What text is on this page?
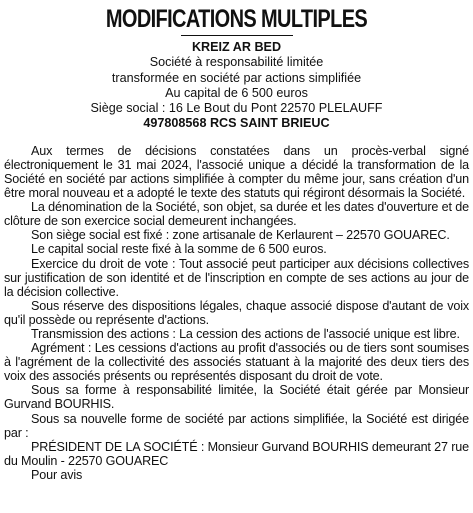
MODIFICATIONS MULTIPLES
KREIZ AR BED
Société à responsabilité limitée
transformée en société par actions simplifiée
Au capital de 6 500 euros
Siège social : 16 Le Bout du Pont 22570 PLELAUFF
497808568 RCS SAINT BRIEUC

Aux termes de décisions constatées dans un procès-verbal signé électroniquement le 31 mai 2024, l'associé unique a décidé la transformation de la Société en société par actions simplifiée à compter du même jour, sans création d'un être moral nouveau et a adopté le texte des statuts qui régiront désormais la Société.

La dénomination de la Société, son objet, sa durée et les dates d'ouverture et de clôture de son exercice social demeurent inchangées.

Son siège social est fixé : zone artisanale de Kerlaurent – 22570 GOUAREC.

Le capital social reste fixé à la somme de 6 500 euros.

Exercice du droit de vote : Tout associé peut participer aux décisions collectives sur justification de son identité et de l'inscription en compte de ses actions au jour de la décision collective.

Sous réserve des dispositions légales, chaque associé dispose d'autant de voix qu'il possède ou représente d'actions.

Transmission des actions : La cession des actions de l'associé unique est libre.

Agrément : Les cessions d'actions au profit d'associés ou de tiers sont soumises à l'agrément de la collectivité des associés statuant à la majorité des deux tiers des voix des associés présents ou représentés disposant du droit de vote.

Sous sa forme à responsabilité limitée, la Société était gérée par Monsieur Gurvand BOURHIS.

Sous sa nouvelle forme de société par actions simplifiée, la Société est dirigée par :

PRÉSIDENT DE LA SOCIÉTÉ : Monsieur Gurvand BOURHIS demeurant 27 rue du Moulin - 22570 GOUAREC

Pour avis
